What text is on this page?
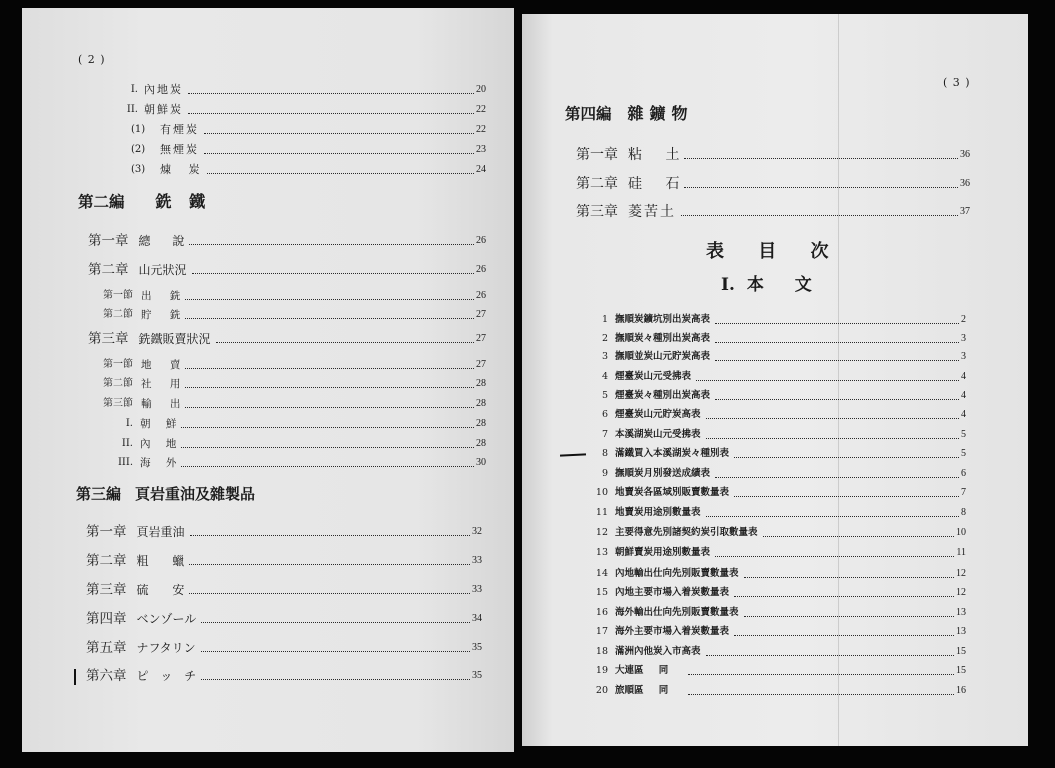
( 2 )
I. 內地炭	20
II. 朝鮮炭	22
(1)	有煙炭	22
(2)	無煙炭	23
(3)	煉 炭	24
第二編 銑 鐵
第一章 總 說	26
第二章 山元狀況	26
第一節 出 銑	26
第二節 貯 銑	27
第三章 銑鐵販賣狀況	27
第一節 地 賣	27
第二節 社 用	28
第三節 輸 出	28
I. 朝 鮮	28
II. 內 地	28
III. 海 外	30
第三編 頁岩重油及雜製品
第一章 頁岩重油	32
第二章 粗 蠟	33
第三章 硫 安	33
第四章 ベンゾール	34
第五章 ナフタリン	35
第六章 ピ ッ チ	35
( 3 )
第四編 雜鑛物
第一章 粘 土	36
第二章 硅 石	36
第三章 菱苦土	37
表 目 次
I. 本 文
1 撫順炭鑛坑別出炭高表	2
2 撫順炭々種別出炭高表	3
3 撫順並炭山元貯炭高表	3
4 煙臺炭山元受拂表	4
5 煙臺炭々種別出炭高表	4
6 煙臺炭山元貯炭高表	4
7 本溪湖炭山元受拂表	5
8 滿鐵買入本溪湖炭々種別表	5
9 撫順炭月別發送成績表	6
10 地賣炭各區域別販賣數量表	7
11 地賣炭用途別數量表	8
12 主要得意先別諸契約炭引取數量表	10
13 朝鮮賣炭用途別數量表	11
14 內地輸出仕向先別販賣數量表	12
15 內地主要市場入着炭數量表	12
16 海外輸出仕向先別販賣數量表	13
17 海外主要市場入着炭數量表	13
18 滿洲內他炭入市高表	15
19 大連區 同	15
20 旅順區 同	16
